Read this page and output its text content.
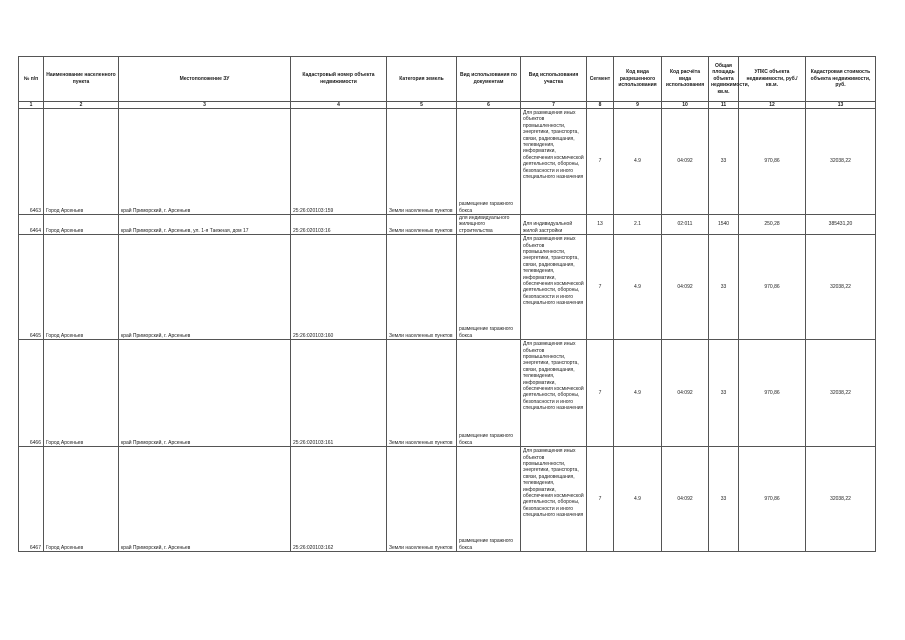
№ п/п	Наименование населенного пункта	Местоположение ЗУ	Кадастровый номер объекта недвижимости	Категория земель	Вид использования по документам	Вид использования участка	Сегмент	Код вида разрешенного использования	Код расчёта вида использования	Общая площадь объекта недвижимости, кв.м.	УПКС объекта недвижимости, руб./кв.м.	Кадастровая стоимость объекта недвижимости, руб.
1	2	3	4	5	6	7	8	9	10	11	12	13
6463	Город Арсеньев	край Приморский, г. Арсеньев	25:26:020103:159	Земли населенных пунктов	размещение гаражного бокса	Для размещения иных объектов промышленности, энергетики, транспорта, связи, радиовещания, телевидения, информатики, обеспечения космической деятельности, обороны, безопасности и иного специального назначения	7	4.9	04:092	33	970,86	32038,22
6464	Город Арсеньев	край Приморский, г. Арсеньев, ул. 1-я Таежная, дом 17	25:26:020103:16	Земли населенных пунктов	для индивидуального жилищного строительства	Для индивидуальной жилой застройки	13	2.1	02:011	1540	250,28	385431,20
6465	Город Арсеньев	край Приморский, г. Арсеньев	25:26:020103:160	Земли населенных пунктов	размещение гаражного бокса	Для размещения иных объектов промышленности, энергетики, транспорта, связи, радиовещания, телевидения, информатики, обеспечения космической деятельности, обороны, безопасности и иного специального назначения	7	4.9	04:092	33	970,86	32038,22
6466	Город Арсеньев	край Приморский, г. Арсеньев	25:26:020103:161	Земли населенных пунктов	размещение гаражного бокса	Для размещения иных объектов промышленности, энергетики, транспорта, связи, радиовещания, телевидения, информатики, обеспечения космической деятельности, обороны, безопасности и иного специального назначения	7	4.9	04:092	33	970,86	32038,22
6467	Город Арсеньев	край Приморский, г. Арсеньев	25:26:020103:162	Земли населенных пунктов	размещение гаражного бокса	Для размещения иных объектов промышленности, энергетики, транспорта, связи, радиовещания, телевидения, информатики, обеспечения космической деятельности, обороны, безопасности и иного специального назначения	7	4.9	04:092	33	970,86	32038,22
